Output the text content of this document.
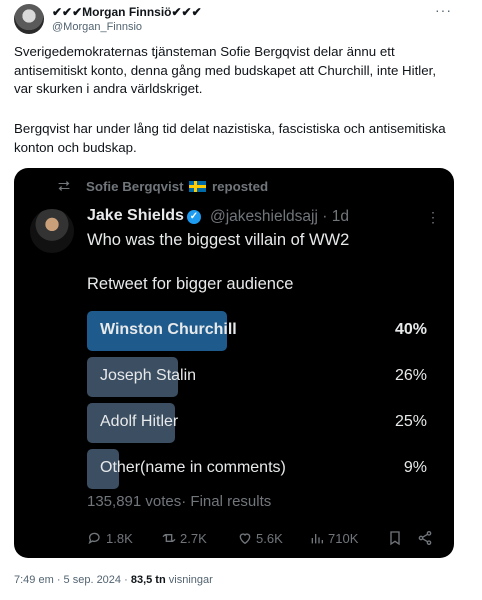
✔✔✔Morgan Finnsiö✔✔✔
@Morgan_Finnsio
···

Sverigedemokraternas tjänsteman Sofie Bergqvist delar ännu ett antisemitiskt konto, denna gång med budskapet att Churchill, inte Hitler, var skurken i andra världskriget.

Bergqvist har under lång tid delat nazistiska, fascistiska och antisemitiska konton och budskap.

⮂ Sofie Bergqvist reposted
Jake Shields ✓ @jakeshieldsajj · 1d	⋮
Who was the biggest villain of WW2
Retweet for bigger audience
Winston Churchill	40%
Joseph Stalin	26%
Adolf Hitler	25%
Other(name in comments)	9%
135,891 votes· Final results
1.8K	2.7K	5.6K	710K
7:49 em · 5 sep. 2024 · 83,5 tn visningar
